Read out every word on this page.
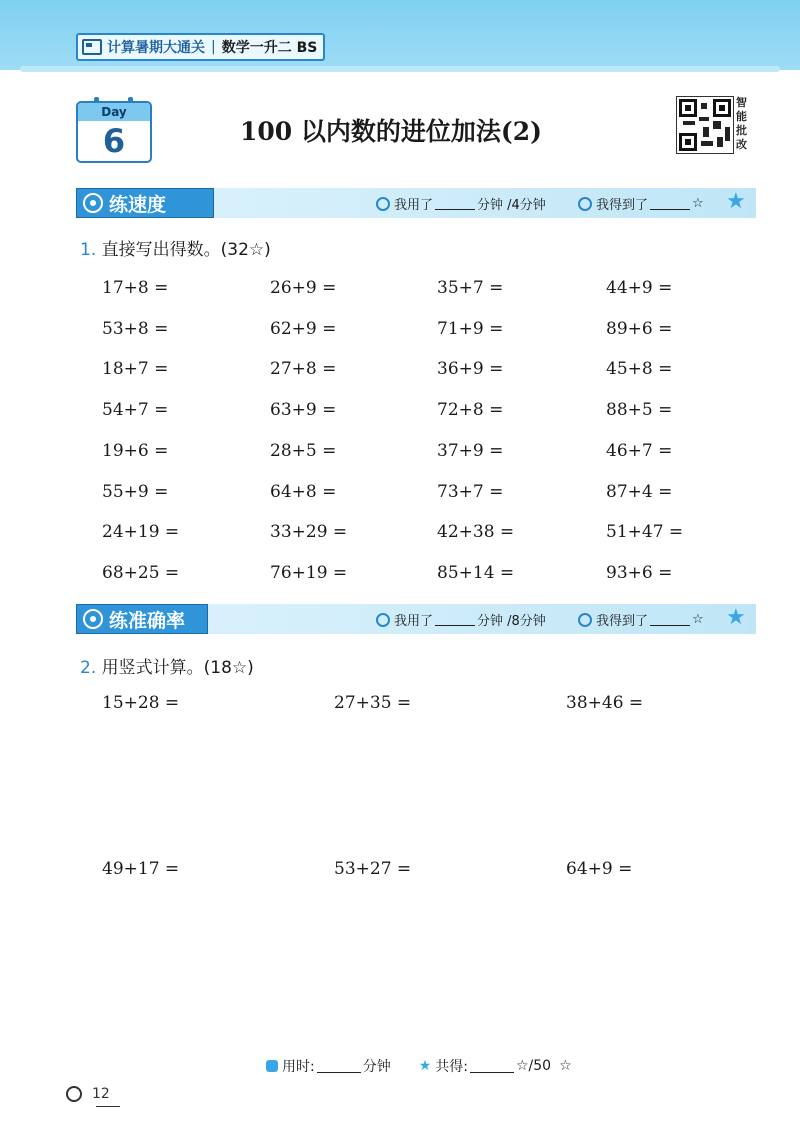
计算暑期大通关 | 数学一升二 BS
Day
6	100 以内数的进位加法(2)
智
能
批
改
练速度	我用了	分钟 /4分钟	我得到了	☆ ★
1. 直接写出得数。(32☆)
17+8 =	26+9 =	35+7 =	44+9 =
53+8 =	62+9 =	71+9 =	89+6 =
18+7 =	27+8 =	36+9 =	45+8 =
54+7 =	63+9 =	72+8 =	88+5 =
19+6 =	28+5 =	37+9 =	46+7 =
55+9 =	64+8 =	73+7 =	87+4 =
24+19 =	33+29 =	42+38 =	51+47 =
68+25 =	76+19 =	85+14 =	93+6 =
练准确率	我用了	分钟 /8分钟	我得到了	☆ ★
2. 用竖式计算。(18☆)
15+28 =	27+35 =	38+46 =
49+17 =	53+27 =	64+9 =
用时:	分钟 ★ 共得:	☆/50 ☆
12
